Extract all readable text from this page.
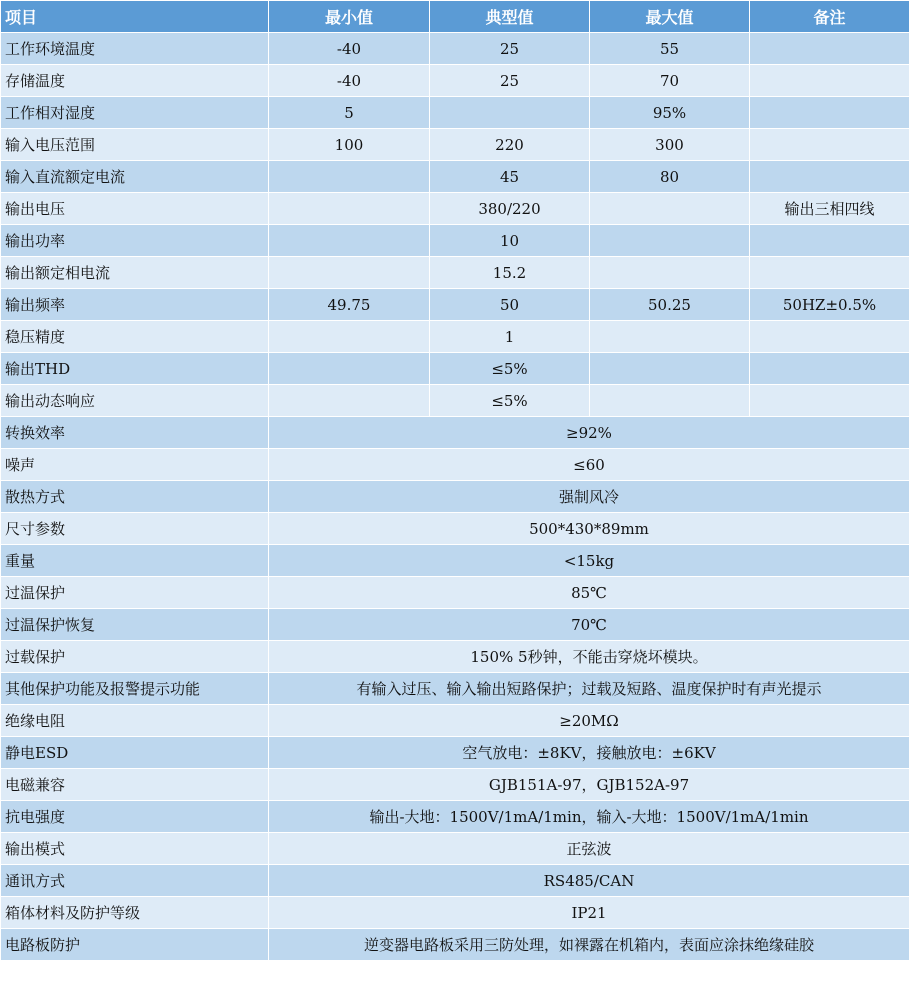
项目	最小值	典型值	最大值	备注
工作环境温度	-40	25	55	
存储温度	-40	25	70	
工作相对湿度	5		95%	
输入电压范围	100	220	300	
输入直流额定电流		45	80	
输出电压		380/220		输出三相四线
输出功率		10		
输出额定相电流		15.2		
输出频率	49.75	50	50.25	50HZ±0.5%
稳压精度		1		
输出THD		≤5%		
输出动态响应		≤5%		
转换效率	≥92%			
噪声	≤60			
散热方式	强制风冷			
尺寸参数	500*430*89mm			
重量	<15kg			
过温保护	85℃			
过温保护恢复	70℃			
过载保护	150% 5秒钟，不能击穿烧坏模块。			
其他保护功能及报警提示功能	有输入过压、输入输出短路保护；过载及短路、温度保护时有声光提示			
绝缘电阻	≥20MΩ			
静电ESD	空气放电：±8KV，接触放电：±6KV			
电磁兼容	GJB151A-97，GJB152A-97			
抗电强度	输出-大地：1500V/1mA/1min，输入-大地：1500V/1mA/1min			
输出模式	正弦波			
通讯方式	RS485/CAN			
箱体材料及防护等级	IP21			
电路板防护	逆变器电路板采用三防处理，如裸露在机箱内，表面应涂抹绝缘硅胶			
